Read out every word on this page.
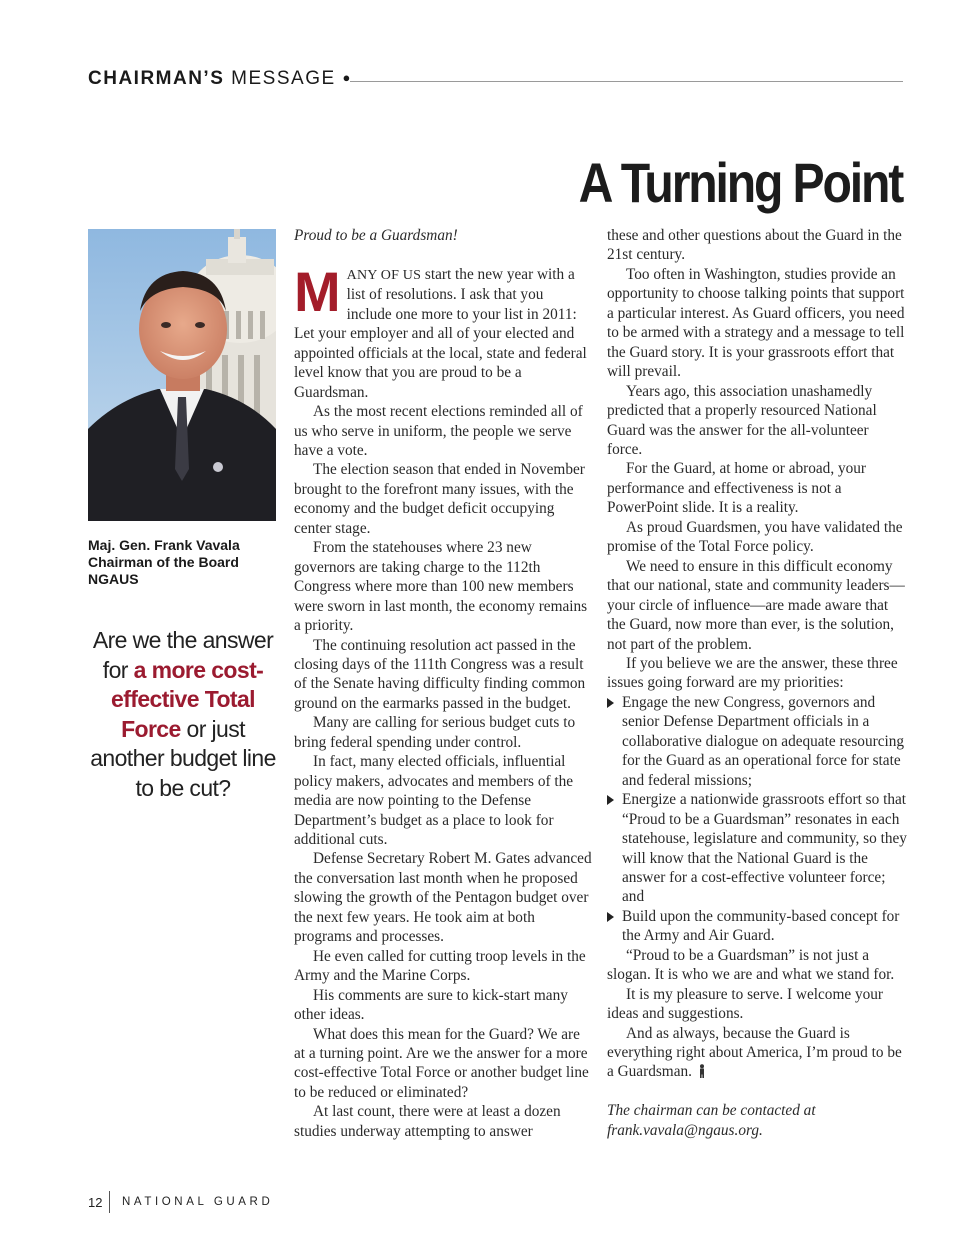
CHAIRMAN’S MESSAGE ●
A Turning Point
Maj. Gen. Frank Vavala
Chairman of the Board
NGAUS
Are we the answer for a more cost-effective Total Force or just another budget line to be cut?

Proud to be a Guardsman!

MANY OF US start the new year with a list of resolutions. I ask that you include one more to your list in 2011: Let your employer and all of your elected and appointed officials at the local, state and federal level know that you are proud to be a Guardsman.

As the most recent elections reminded all of us who serve in uniform, the people we serve have a vote.

The election season that ended in November brought to the forefront many issues, with the economy and the budget deficit occupying center stage.

From the statehouses where 23 new governors are taking charge to the 112th Congress where more than 100 new members were sworn in last month, the economy remains a priority.

The continuing resolution act passed in the closing days of the 111th Congress was a result of the Senate having difficulty finding common ground on the earmarks passed in the budget.

Many are calling for serious budget cuts to bring federal spending under control.

In fact, many elected officials, influential policy makers, advocates and members of the media are now pointing to the Defense Department’s budget as a place to look for additional cuts.

Defense Secretary Robert M. Gates advanced the conversation last month when he proposed slowing the growth of the Pentagon budget over the next few years. He took aim at both programs and processes.

He even called for cutting troop levels in the Army and the Marine Corps.

His comments are sure to kick-start many other ideas.

What does this mean for the Guard? We are at a turning point. Are we the answer for a more cost-effective Total Force or another budget line to be reduced or eliminated?

At last count, there were at least a dozen studies underway attempting to answer

these and other questions about the Guard in the 21st century.

Too often in Washington, studies provide an opportunity to choose talking points that support a particular interest. As Guard officers, you need to be armed with a strategy and a message to tell the Guard story. It is your grassroots effort that will prevail.

Years ago, this association unashamedly predicted that a properly resourced National Guard was the answer for the all-volunteer force.

For the Guard, at home or abroad, your performance and effectiveness is not a PowerPoint slide. It is a reality.

As proud Guardsmen, you have validated the promise of the Total Force policy.

We need to ensure in this difficult economy that our national, state and community leaders—your circle of influence—are made aware that the Guard, now more than ever, is the solution, not part of the problem.

If you believe we are the answer, these three issues going forward are my priorities:

Engage the new Congress, governors and senior Defense Department officials in a collaborative dialogue on adequate resourcing for the Guard as an operational force for state and federal missions;
Energize a nationwide grassroots effort so that “Proud to be a Guardsman” resonates in each statehouse, legislature and community, so they will know that the National Guard is the answer for a cost-effective volunteer force; and
Build upon the community-based concept for the Army and Air Guard.

“Proud to be a Guardsman” is not just a slogan. It is who we are and what we stand for.

It is my pleasure to serve. I welcome your ideas and suggestions.

And as always, because the Guard is everything right about America, I’m proud to be a Guardsman.

The chairman can be contacted at frank.vavala@ngaus.org.

12 NATIONAL GUARD
